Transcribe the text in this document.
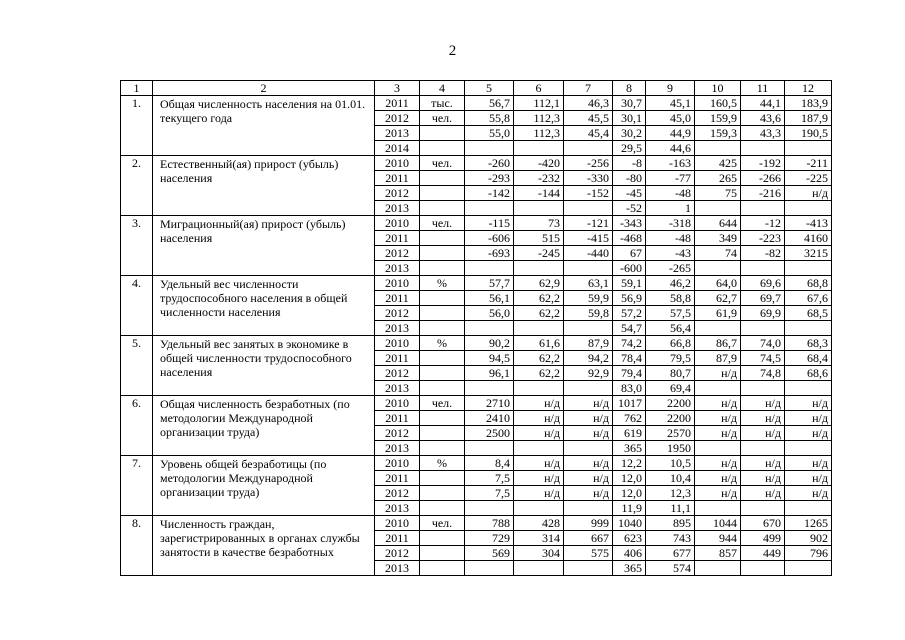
2
1	2	3	4	5	6	7	8	9	10	11	12
1.	Общая численность населения на 01.01. текущего года	2011	тыс.	56,7	112,1	46,3	30,7	45,1	160,5	44,1	183,9
		2012	чел.	55,8	112,3	45,5	30,1	45,0	159,9	43,6	187,9
		2013		55,0	112,3	45,4	30,2	44,9	159,3	43,3	190,5
		2014					29,5	44,6			
2.	Естественный(ая) прирост (убыль) населения	2010	чел.	-260	-420	-256	-8	-163	425	-192	-211
		2011		-293	-232	-330	-80	-77	265	-266	-225
		2012		-142	-144	-152	-45	-48	75	-216	н/д
		2013					-52	1			
3.	Миграционный(ая) прирост (убыль) населения	2010	чел.	-115	73	-121	-343	-318	644	-12	-413
		2011		-606	515	-415	-468	-48	349	-223	4160
		2012		-693	-245	-440	67	-43	74	-82	3215
		2013					-600	-265			
4.	Удельный вес численности трудоспособного населения в общей численности населения	2010	%	57,7	62,9	63,1	59,1	46,2	64,0	69,6	68,8
		2011		56,1	62,2	59,9	56,9	58,8	62,7	69,7	67,6
		2012		56,0	62,2	59,8	57,2	57,5	61,9	69,9	68,5
		2013					54,7	56,4			
5.	Удельный вес занятых в экономике в общей численности трудоспособного населения	2010	%	90,2	61,6	87,9	74,2	66,8	86,7	74,0	68,3
		2011		94,5	62,2	94,2	78,4	79,5	87,9	74,5	68,4
		2012		96,1	62,2	92,9	79,4	80,7	н/д	74,8	68,6
		2013					83,0	69,4			
6.	Общая численность безработных (по методологии Международной организации труда)	2010	чел.	2710	н/д	н/д	1017	2200	н/д	н/д	н/д
		2011		2410	н/д	н/д	762	2200	н/д	н/д	н/д
		2012		2500	н/д	н/д	619	2570	н/д	н/д	н/д
		2013					365	1950			
7.	Уровень общей безработицы (по методологии Международной организации труда)	2010	%	8,4	н/д	н/д	12,2	10,5	н/д	н/д	н/д
		2011		7,5	н/д	н/д	12,0	10,4	н/д	н/д	н/д
		2012		7,5	н/д	н/д	12,0	12,3	н/д	н/д	н/д
		2013					11,9	11,1			
8.	Численность граждан, зарегистрированных в органах службы занятости в качестве безработных	2010	чел.	788	428	999	1040	895	1044	670	1265
		2011		729	314	667	623	743	944	499	902
		2012		569	304	575	406	677	857	449	796
		2013					365	574			
